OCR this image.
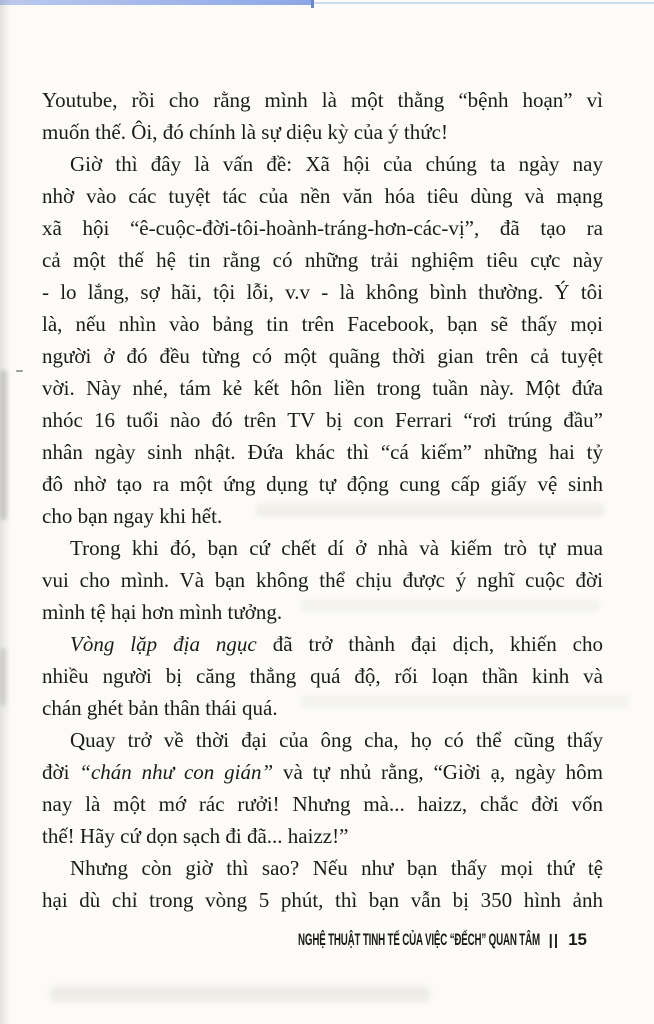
Youtube, rồi cho rằng mình là một thằng “bệnh hoạn” vì
muốn thế. Ôi, đó chính là sự diệu kỳ của ý thức!
Giờ thì đây là vấn đề: Xã hội của chúng ta ngày nay
nhờ vào các tuyệt tác của nền văn hóa tiêu dùng và mạng
xã hội “ê-cuộc-đời-tôi-hoành-tráng-hơn-các-vị”, đã tạo ra
cả một thế hệ tin rằng có những trải nghiệm tiêu cực này
- lo lắng, sợ hãi, tội lỗi, v.v - là không bình thường. Ý tôi
là, nếu nhìn vào bảng tin trên Facebook, bạn sẽ thấy mọi
người ở đó đều từng có một quãng thời gian trên cả tuyệt
vời. Này nhé, tám kẻ kết hôn liền trong tuần này. Một đứa
nhóc 16 tuổi nào đó trên TV bị con Ferrari “rơi trúng đầu”
nhân ngày sinh nhật. Đứa khác thì “cá kiếm” những hai tỷ
đô nhờ tạo ra một ứng dụng tự động cung cấp giấy vệ sinh
cho bạn ngay khi hết.
Trong khi đó, bạn cứ chết dí ở nhà và kiếm trò tự mua
vui cho mình. Và bạn không thể chịu được ý nghĩ cuộc đời
mình tệ hại hơn mình tưởng.
Vòng lặp địa ngục đã trở thành đại dịch, khiến cho
nhiều người bị căng thẳng quá độ, rối loạn thần kinh và
chán ghét bản thân thái quá.
Quay trở về thời đại của ông cha, họ có thể cũng thấy
đời “chán như con gián” và tự nhủ rằng, “Giời ạ, ngày hôm
nay là một mớ rác rưởi! Nhưng mà... haizz, chắc đời vốn
thế! Hãy cứ dọn sạch đi đã... haizz!”
Nhưng còn giờ thì sao? Nếu như bạn thấy mọi thứ tệ
hại dù chỉ trong vòng 5 phút, thì bạn vẫn bị 350 hình ảnh
NGHỆ THUẬT TINH TẾ CỦA VIỆC “ĐẾCH” QUAN TÂM || 15
